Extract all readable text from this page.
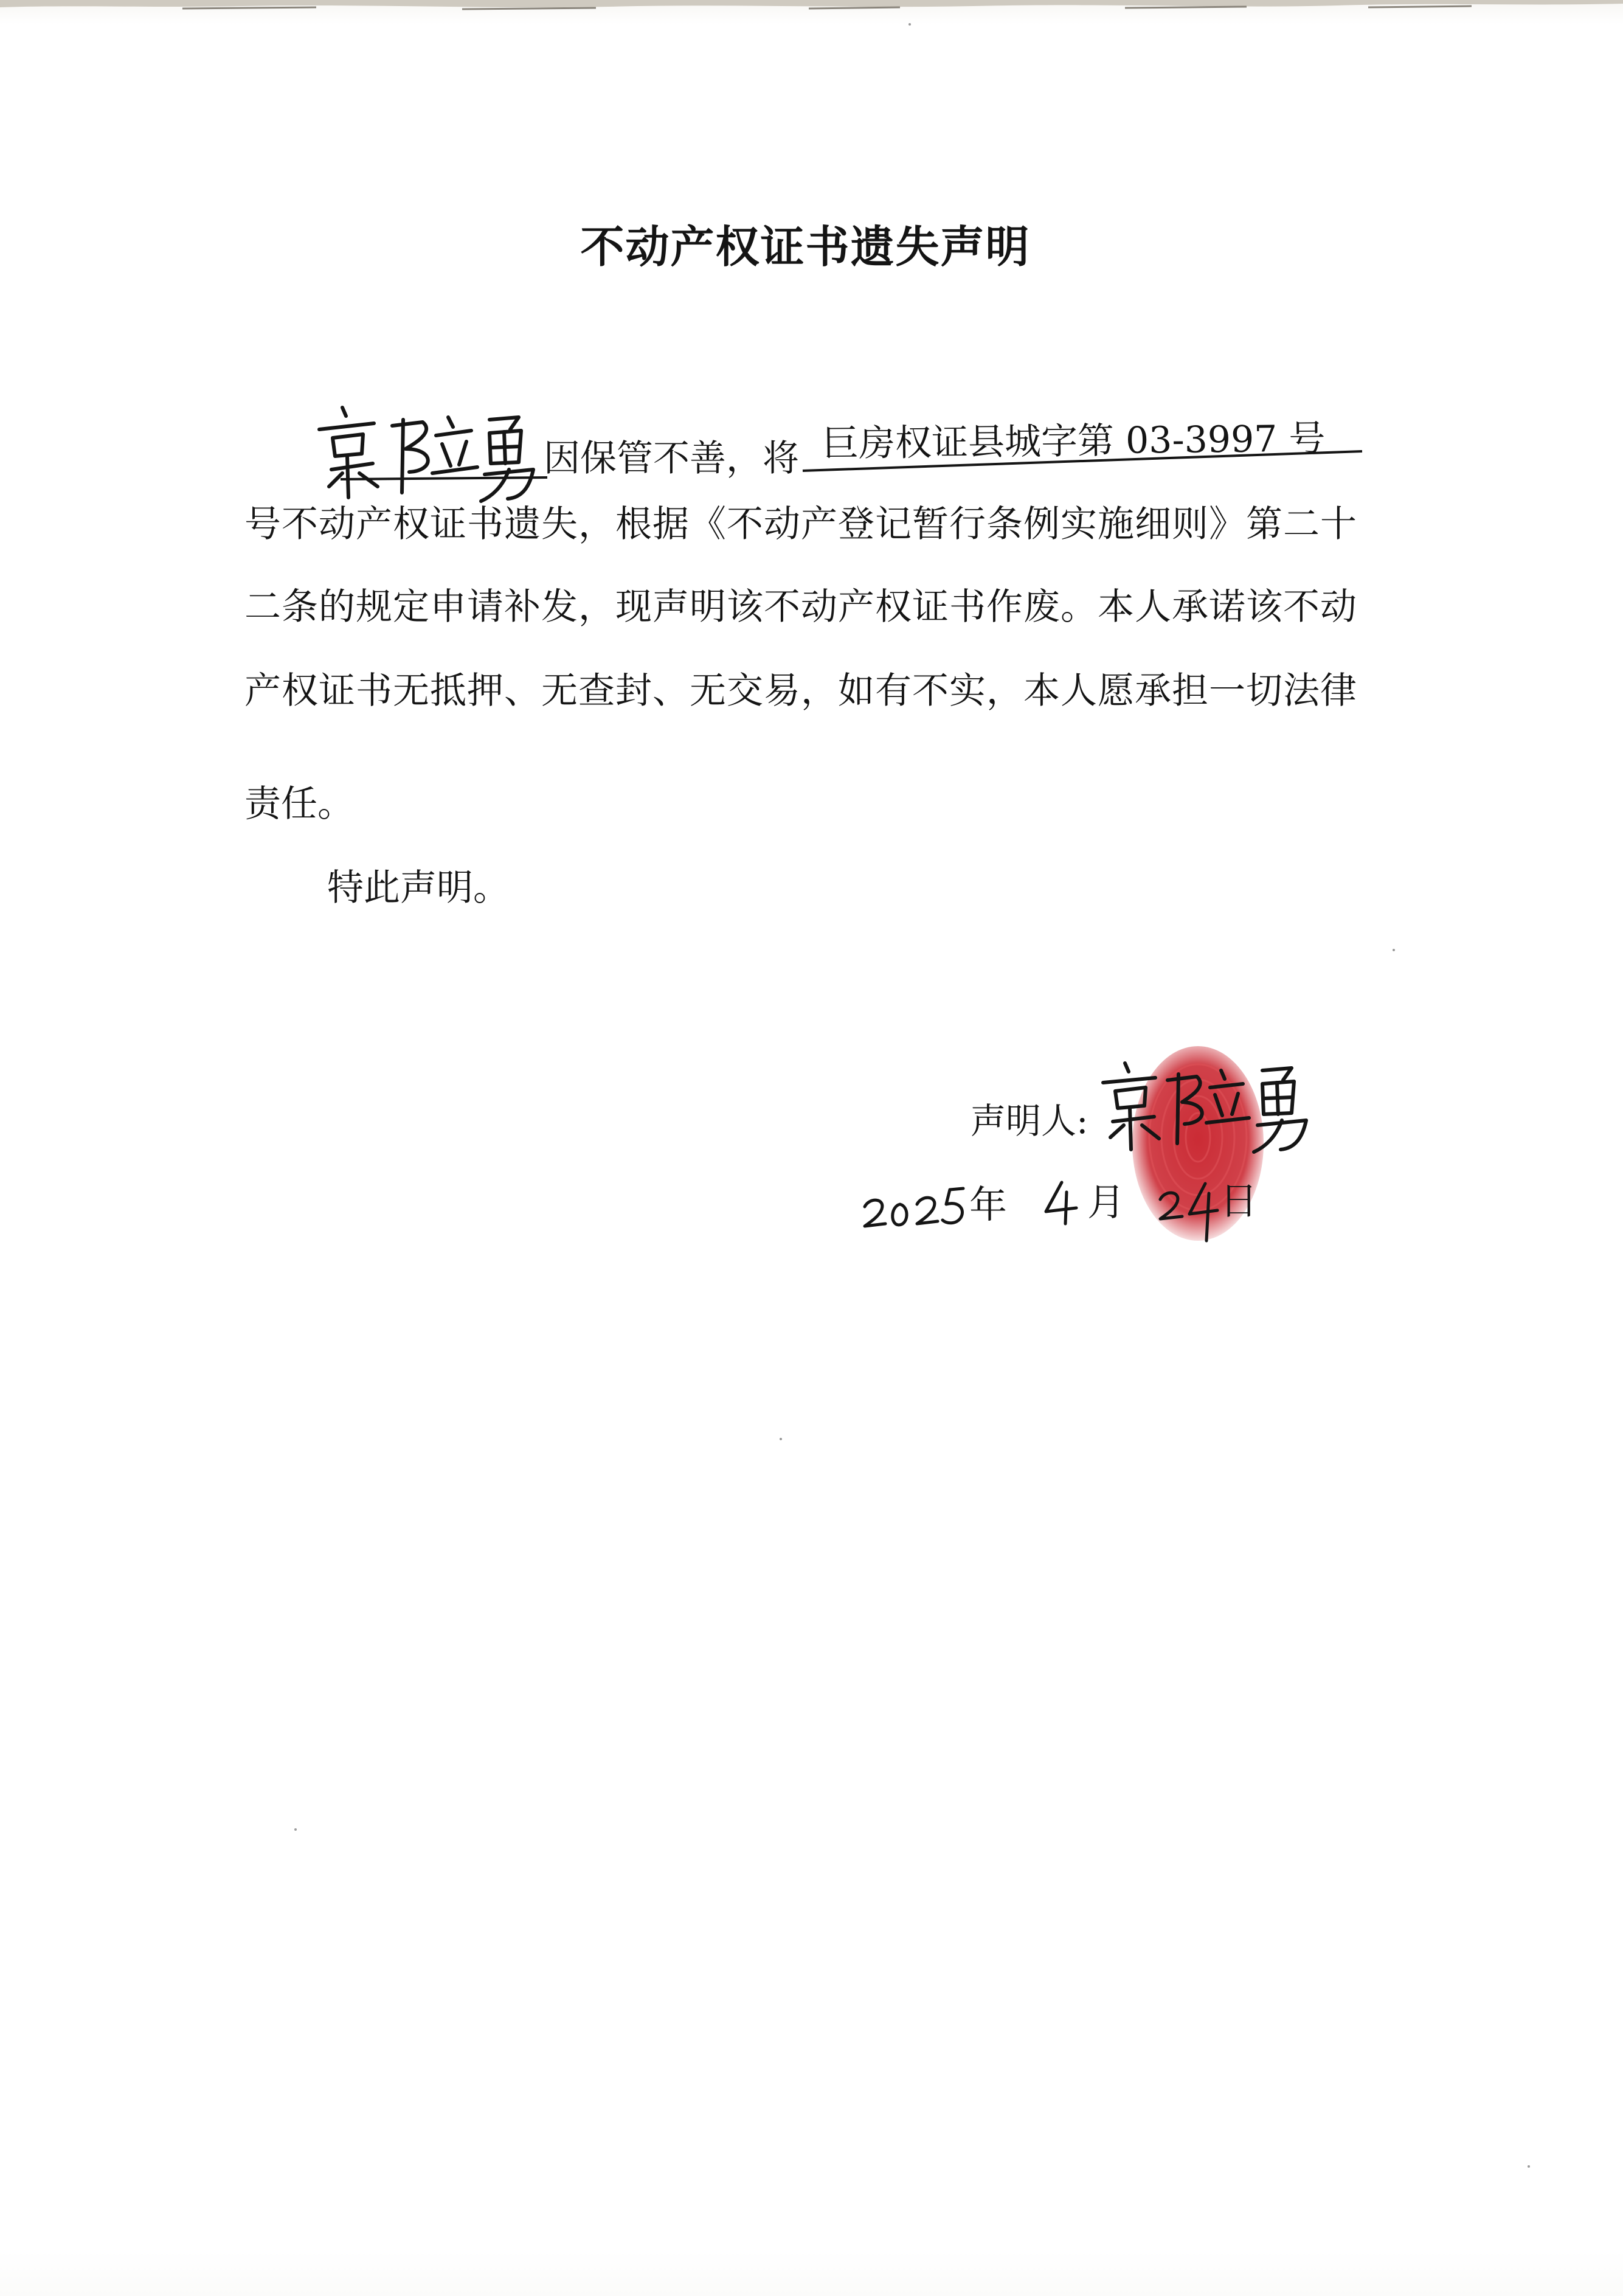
不动产权证书遗失声明
因保管不善，将 巨房权证县城字第 03-3997 号
号不动产权证书遗失，根据《不动产登记暂行条例实施细则》第二十
二条的规定申请补发，现声明该不动产权证书作废。本人承诺该不动
产权证书无抵押、无查封、无交易，如有不实，本人愿承担一切法律
责任。
特此声明。
声明人:
年 月	日
